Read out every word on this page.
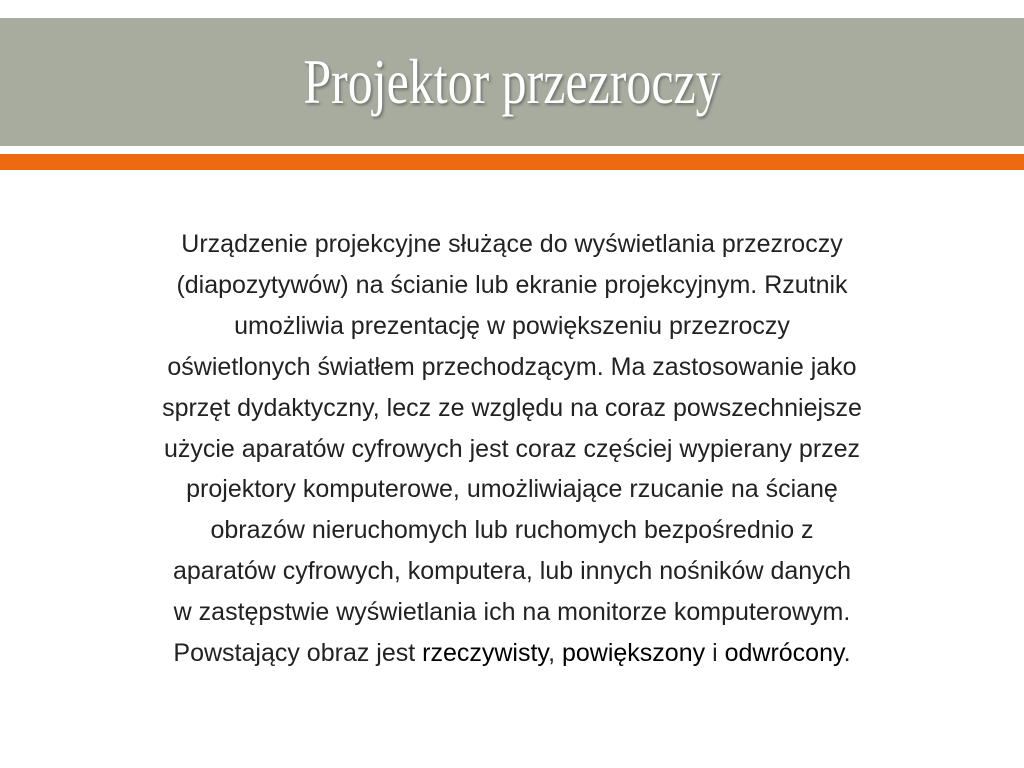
Projektor przezroczy
Urządzenie projekcyjne służące do wyświetlania przezroczy
(diapozytywów) na ścianie lub ekranie projekcyjnym. Rzutnik
umożliwia prezentację w powiększeniu przezroczy
oświetlonych światłem przechodzącym. Ma zastosowanie jako
sprzęt dydaktyczny, lecz ze względu na coraz powszechniejsze
użycie aparatów cyfrowych jest coraz częściej wypierany przez
projektory komputerowe, umożliwiające rzucanie na ścianę
obrazów nieruchomych lub ruchomych bezpośrednio z
aparatów cyfrowych, komputera, lub innych nośników danych
w zastępstwie wyświetlania ich na monitorze komputerowym.
Powstający obraz jest rzeczywisty, powiększony i odwrócony.
